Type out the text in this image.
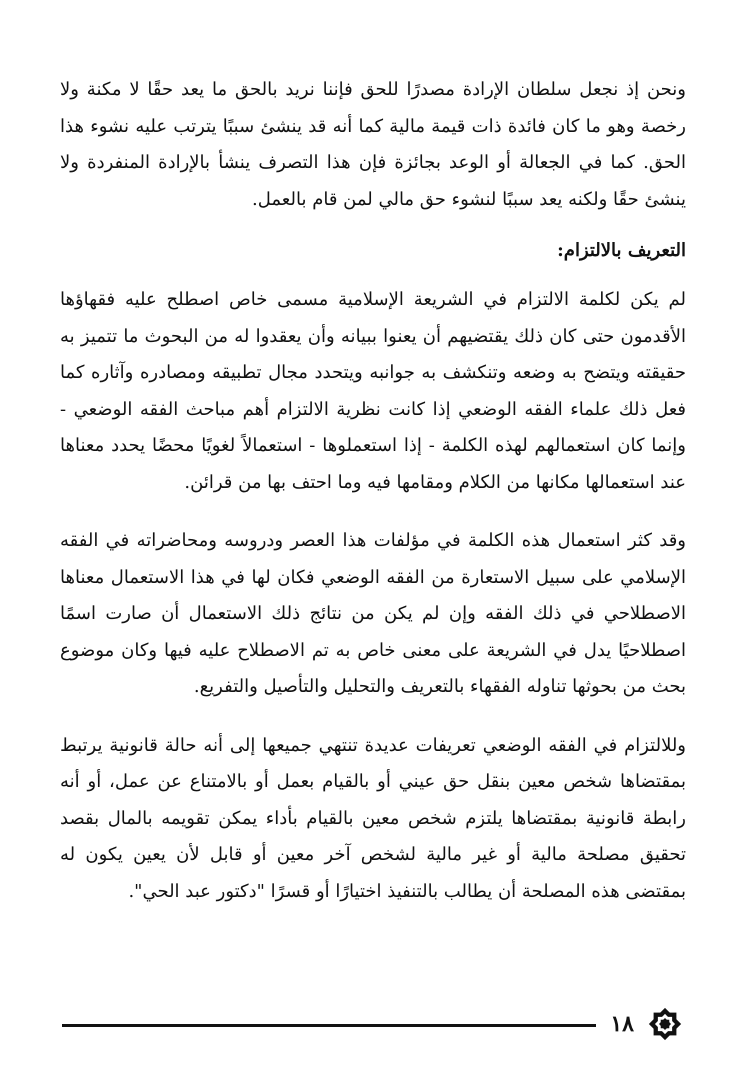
ونحن إذ نجعل سلطان الإرادة مصدرًا للحق فإننا نريد بالحق ما يعد حقًا لا مكنة ولا رخصة وهو ما كان فائدة ذات قيمة مالية كما أنه قد ينشئ سببًا يترتب عليه نشوء هذا الحق. كما في الجعالة أو الوعد بجائزة فإن هذا التصرف ينشأ بالإرادة المنفردة ولا ينشئ حقًا ولكنه يعد سببًا لنشوء حق مالي لمن قام بالعمل.

التعريف بالالتزام:

لم يكن لكلمة الالتزام في الشريعة الإسلامية مسمى خاص اصطلح عليه فقهاؤها الأقدمون حتى كان ذلك يقتضيهم أن يعنوا ببيانه وأن يعقدوا له من البحوث ما تتميز به حقيقته ويتضح به وضعه وتنكشف به جوانبه ويتحدد مجال تطبيقه ومصادره وآثاره كما فعل ذلك علماء الفقه الوضعي إذا كانت نظرية الالتزام أهم مباحث الفقه الوضعي - وإنما كان استعمالهم لهذه الكلمة - إذا استعملوها - استعمالاً لغويًا محضًا يحدد معناها عند استعمالها مكانها من الكلام ومقامها فيه وما احتف بها من قرائن.

وقد كثر استعمال هذه الكلمة في مؤلفات هذا العصر ودروسه ومحاضراته في الفقه الإسلامي على سبيل الاستعارة من الفقه الوضعي فكان لها في هذا الاستعمال معناها الاصطلاحي في ذلك الفقه وإن لم يكن من نتائج ذلك الاستعمال أن صارت اسمًا اصطلاحيًا يدل في الشريعة على معنى خاص به تم الاصطلاح عليه فيها وكان موضوع بحث من بحوثها تناوله الفقهاء بالتعريف والتحليل والتأصيل والتفريع.

وللالتزام في الفقه الوضعي تعريفات عديدة تنتهي جميعها إلى أنه حالة قانونية يرتبط بمقتضاها شخص معين بنقل حق عيني أو بالقيام بعمل أو بالامتناع عن عمل، أو أنه رابطة قانونية بمقتضاها يلتزم شخص معين بالقيام بأداء يمكن تقويمه بالمال بقصد تحقيق مصلحة مالية أو غير مالية لشخص آخر معين أو قابل لأن يعين يكون له بمقتضى هذه المصلحة أن يطالب بالتنفيذ اختيارًا أو قسرًا "دكتور عبد الحي".

١٨
